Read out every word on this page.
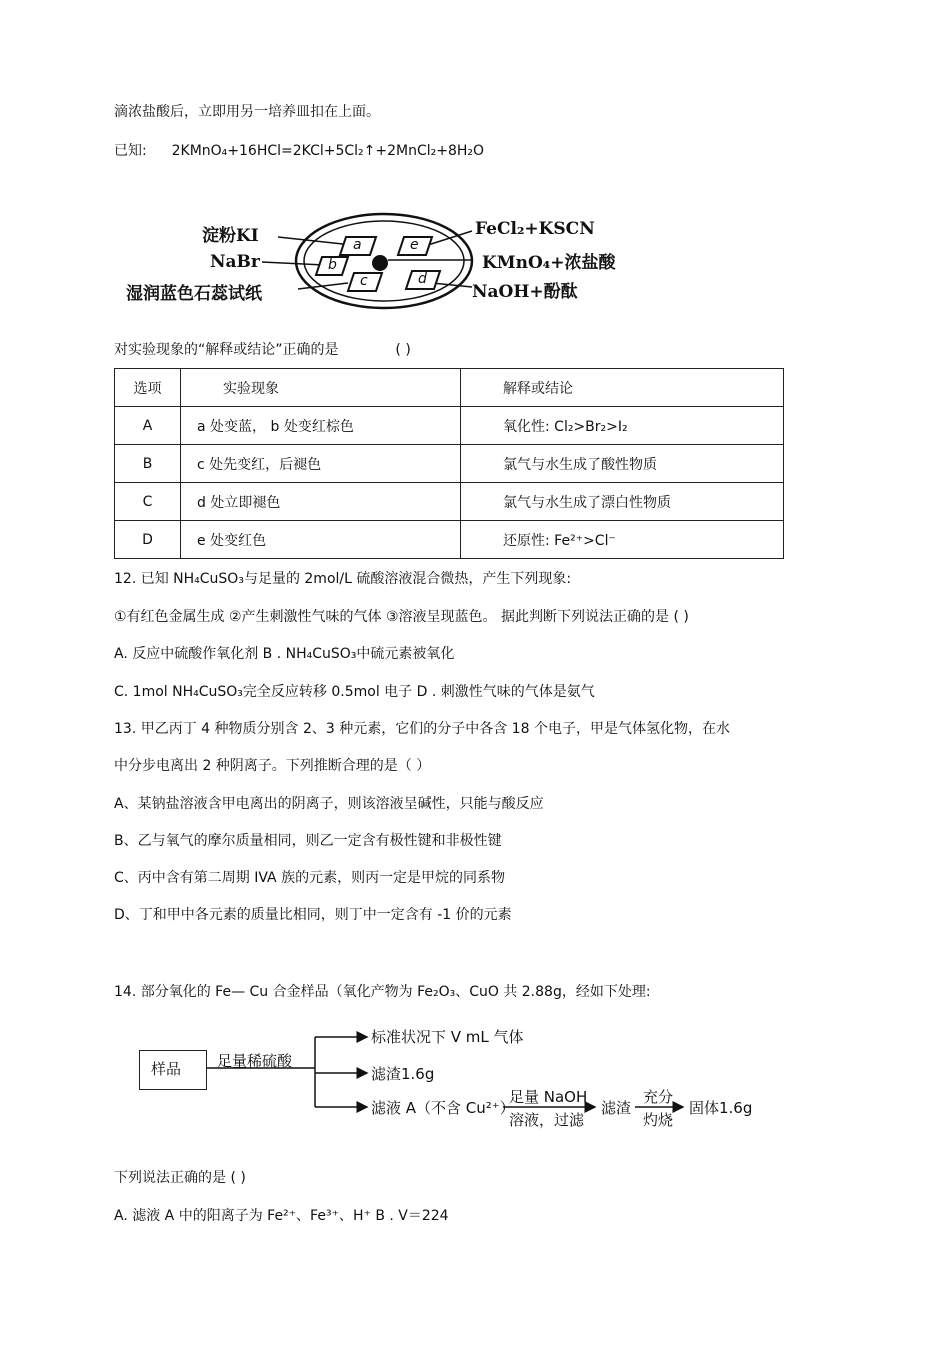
滴浓盐酸后，立即用另一培养皿扣在上面。
已知: 2KMnO₄+16HCl=2KCl+5Cl₂↑+2MnCl₂+8H₂O
a
b
c	d
e
淀粉KI
NaBr
湿润蓝色石蕊试纸
FeCl₂+KSCN
KMnO₄+浓盐酸
NaOH+酚酞
对实验现象的“解释或结论”正确的是	( )
选项	实验现象	解释或结论
A	a 处变蓝， b 处变红棕色	氧化性: Cl₂>Br₂>I₂
B	c 处先变红，后褪色	氯气与水生成了酸性物质
C	d 处立即褪色	氯气与水生成了漂白性物质
D	e 处变红色	还原性: Fe²⁺>Cl⁻
12. 已知 NH₄CuSO₃与足量的 2mol/L 硫酸溶液混合微热，产生下列现象:
①有红色金属生成 ②产生刺激性气味的气体 ③溶液呈现蓝色。 据此判断下列说法正确的是 ( )
A. 反应中硫酸作氧化剂 B . NH₄CuSO₃中硫元素被氧化
C. 1mol NH₄CuSO₃完全反应转移 0.5mol 电子 D . 刺激性气味的气体是氨气
13. 甲乙丙丁 4 种物质分别含 2、3 种元素，它们的分子中各含 18 个电子，甲是气体氢化物，在水
中分步电离出 2 种阴离子。下列推断合理的是（ ）
A、某钠盐溶液含甲电离出的阴离子，则该溶液呈碱性，只能与酸反应
B、乙与氧气的摩尔质量相同，则乙一定含有极性键和非极性键
C、丙中含有第二周期 IVA 族的元素，则丙一定是甲烷的同系物
D、丁和甲中各元素的质量比相同，则丁中一定含有 -1 价的元素
14. 部分氧化的 Fe— Cu 合金样品（氧化产物为 Fe₂O₃、CuO 共 2.88g，经如下处理:
样品 足量稀硫酸
标准状况下 V mL 气体
滤渣1.6g
滤液 A（不含 Cu²⁺）
足量 NaOH
溶液，过滤
滤渣
充分
灼烧
固体1.6g
下列说法正确的是 ( )
A. 滤液 A 中的阳离子为 Fe²⁺、Fe³⁺、H⁺ B . V＝224
